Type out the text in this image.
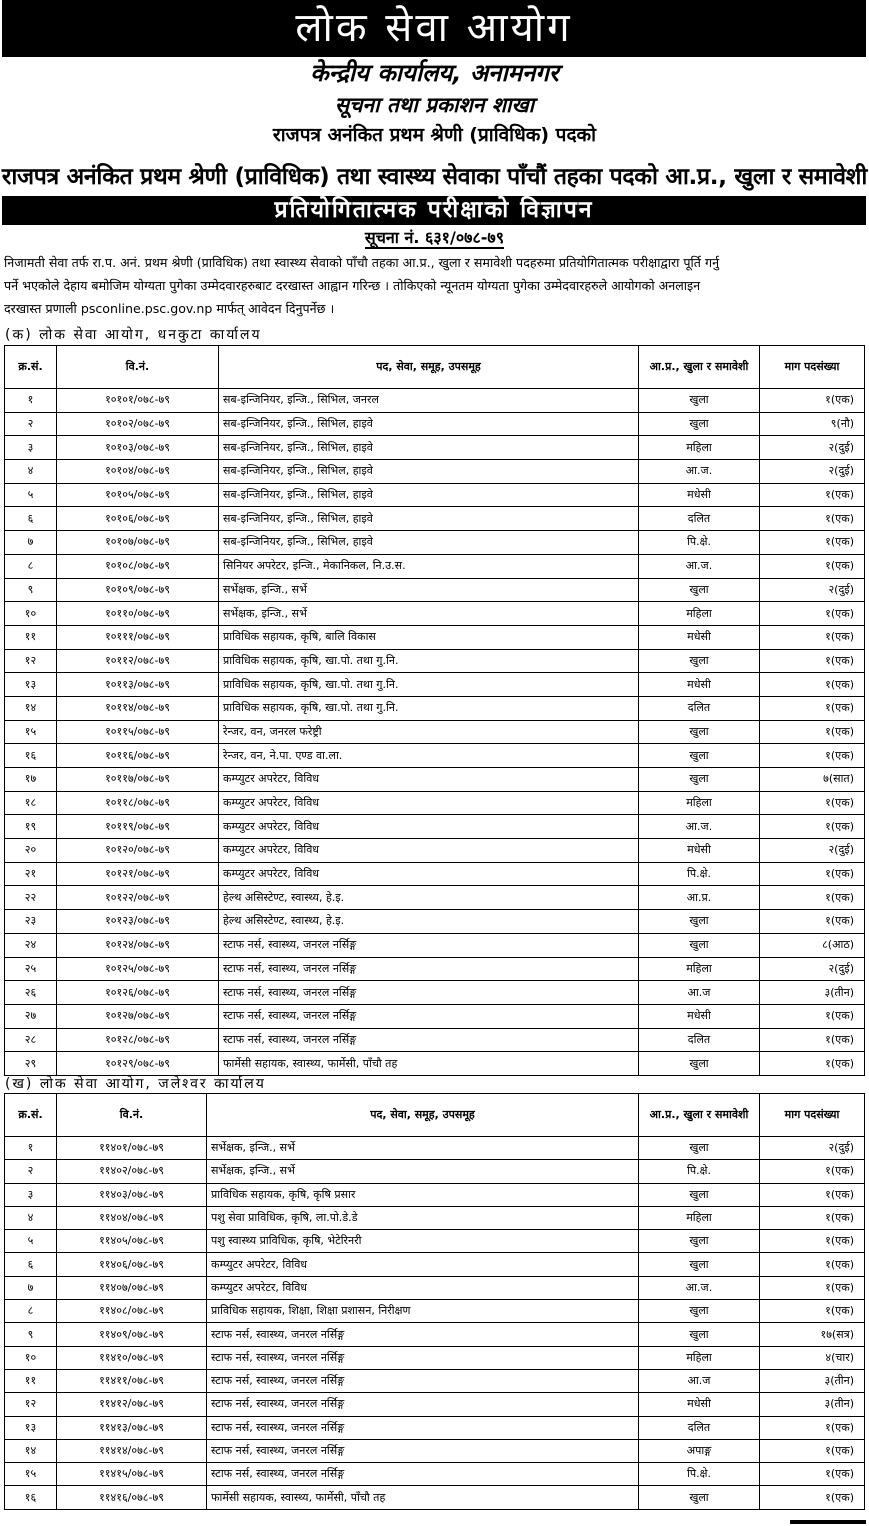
लोक सेवा आयोग
केन्द्रीय कार्यालय, अनामनगर
सूचना तथा प्रकाशन शाखा
राजपत्र अनंकित प्रथम श्रेणी (प्राविधिक) पदको
राजपत्र अनंकित प्रथम श्रेणी (प्राविधिक) तथा स्वास्थ्य सेवाका पाँचौं तहका पदको आ.प्र., खुला र समावेशी
प्रतियोगितात्मक परीक्षाको विज्ञापन
सूचना नं. ६३१/०७८-७९

निजामती सेवा तर्फ रा.प. अनं. प्रथम श्रेणी (प्राविधिक) तथा स्वास्थ्य सेवाको पाँचौ तहका आ.प्र., खुला र समावेशी पदहरुमा प्रतियोगितात्मक परीक्षाद्वारा पूर्ति गर्नु
पर्ने भएकोले देहाय बमोजिम योग्यता पुगेका उम्मेदवारहरुबाट दरखास्त आह्वान गरिन्छ । तोकिएको न्यूनतम योग्यता पुगेका उम्मेदवारहरुले आयोगको अनलाइन
दरखास्त प्रणाली psconline.psc.gov.np मार्फत् आवेदन दिनुपर्नेछ ।

(क) लोक सेवा आयोग, धनकुटा कार्यालय
क्र.सं.	वि.नं.	पद, सेवा, समूह, उपसमूह	आ.प्र., खुला र समावेशी	माग पदसंख्या
१	१०१०१/०७८-७९	सब-इन्जिनियर, इन्जि., सिभिल, जनरल	खुला	१(एक)
२	१०१०२/०७८-७९	सब-इन्जिनियर, इन्जि., सिभिल, हाइवे	खुला	९(नौ)
३	१०१०३/०७८-७९	सब-इन्जिनियर, इन्जि., सिभिल, हाइवे	महिला	२(दुई)
४	१०१०४/०७८-७९	सब-इन्जिनियर, इन्जि., सिभिल, हाइवे	आ.ज.	२(दुई)
५	१०१०५/०७८-७९	सब-इन्जिनियर, इन्जि., सिभिल, हाइवे	मधेसी	१(एक)
६	१०१०६/०७८-७९	सब-इन्जिनियर, इन्जि., सिभिल, हाइवे	दलित	१(एक)
७	१०१०७/०७८-७९	सब-इन्जिनियर, इन्जि., सिभिल, हाइवे	पि.क्षे.	१(एक)
८	१०१०८/०७८-७९	सिनियर अपरेटर, इन्जि., मेकानिकल, नि.उ.स.	आ.ज.	१(एक)
९	१०१०९/०७८-७९	सर्भेक्षक, इन्जि., सर्भे	खुला	२(दुई)
१०	१०११०/०७८-७९	सर्भेक्षक, इन्जि., सर्भे	महिला	१(एक)
११	१०१११/०७८-७९	प्राविधिक सहायक, कृषि, बालि विकास	मधेसी	१(एक)
१२	१०११२/०७८-७९	प्राविधिक सहायक, कृषि, खा.पो. तथा गु.नि.	खुला	१(एक)
१३	१०११३/०७८-७९	प्राविधिक सहायक, कृषि, खा.पो. तथा गु.नि.	मधेसी	१(एक)
१४	१०११४/०७८-७९	प्राविधिक सहायक, कृषि, खा.पो. तथा गु.नि.	दलित	१(एक)
१५	१०११५/०७८-७९	रेन्जर, वन, जनरल फरेष्ट्री	खुला	१(एक)
१६	१०११६/०७८-७९	रेन्जर, वन, ने.पा. एण्ड वा.ला.	खुला	१(एक)
१७	१०११७/०७८-७९	कम्प्युटर अपरेटर, विविध	खुला	७(सात)
१८	१०११८/०७८-७९	कम्प्युटर अपरेटर, विविध	महिला	१(एक)
१९	१०११९/०७८-७९	कम्प्युटर अपरेटर, विविध	आ.ज.	१(एक)
२०	१०१२०/०७८-७९	कम्प्युटर अपरेटर, विविध	मधेसी	२(दुई)
२१	१०१२१/०७८-७९	कम्प्युटर अपरेटर, विविध	पि.क्षे.	१(एक)
२२	१०१२२/०७८-७९	हेल्थ असिस्टेण्ट, स्वास्थ्य, हे.इ.	आ.प्र.	१(एक)
२३	१०१२३/०७८-७९	हेल्थ असिस्टेण्ट, स्वास्थ्य, हे.इ.	खुला	१(एक)
२४	१०१२४/०७८-७९	स्टाफ नर्स, स्वास्थ्य, जनरल नर्सिङ्ग	खुला	८(आठ)
२५	१०१२५/०७८-७९	स्टाफ नर्स, स्वास्थ्य, जनरल नर्सिङ्ग	महिला	२(दुई)
२६	१०१२६/०७८-७९	स्टाफ नर्स, स्वास्थ्य, जनरल नर्सिङ्ग	आ.ज	३(तीन)
२७	१०१२७/०७८-७९	स्टाफ नर्स, स्वास्थ्य, जनरल नर्सिङ्ग	मधेसी	१(एक)
२८	१०१२८/०७८-७९	स्टाफ नर्स, स्वास्थ्य, जनरल नर्सिङ्ग	दलित	१(एक)
२९	१०१२९/०७८-७९	फार्मेसी सहायक, स्वास्थ्य, फार्मेसी, पाँचौ तह	खुला	१(एक)
(ख) लोक सेवा आयोग, जलेश्वर कार्यालय
क्र.सं.	वि.नं.	पद, सेवा, समूह, उपसमूह	आ.प्र., खुला र समावेशी	माग पदसंख्या
१	११४०१/०७८-७९	सर्भेक्षक, इन्जि., सर्भे	खुला	२(दुई)
२	११४०२/०७८-७९	सर्भेक्षक, इन्जि., सर्भे	पि.क्षे.	१(एक)
३	११४०३/०७८-७९	प्राविधिक सहायक, कृषि, कृषि प्रसार	खुला	१(एक)
४	११४०४/०७८-७९	पशु सेवा प्राविधिक, कृषि, ला.पो.डे.डे	महिला	१(एक)
५	११४०५/०७८-७९	पशु स्वास्थ्य प्राविधिक, कृषि, भेटेरिनरी	खुला	१(एक)
६	११४०६/०७८-७९	कम्प्युटर अपरेटर, विविध	खुला	१(एक)
७	११४०७/०७८-७९	कम्प्युटर अपरेटर, विविध	आ.ज.	१(एक)
८	११४०८/०७८-७९	प्राविधिक सहायक, शिक्षा, शिक्षा प्रशासन, निरीक्षण	खुला	१(एक)
९	११४०९/०७८-७९	स्टाफ नर्स, स्वास्थ्य, जनरल नर्सिङ्ग	खुला	१७(सत्र)
१०	११४१०/०७८-७९	स्टाफ नर्स, स्वास्थ्य, जनरल नर्सिङ्ग	महिला	४(चार)
११	११४११/०७८-७९	स्टाफ नर्स, स्वास्थ्य, जनरल नर्सिङ्ग	आ.ज	३(तीन)
१२	११४१२/०७८-७९	स्टाफ नर्स, स्वास्थ्य, जनरल नर्सिङ्ग	मधेसी	३(तीन)
१३	११४१३/०७८-७९	स्टाफ नर्स, स्वास्थ्य, जनरल नर्सिङ्ग	दलित	१(एक)
१४	११४१४/०७८-७९	स्टाफ नर्स, स्वास्थ्य, जनरल नर्सिङ्ग	अपाङ्ग	१(एक)
१५	११४१५/०७८-७९	स्टाफ नर्स, स्वास्थ्य, जनरल नर्सिङ्ग	पि.क्षे.	१(एक)
१६	११४१६/०७८-७९	फार्मेसी सहायक, स्वास्थ्य, फार्मेसी, पाँचौ तह	खुला	१(एक)
